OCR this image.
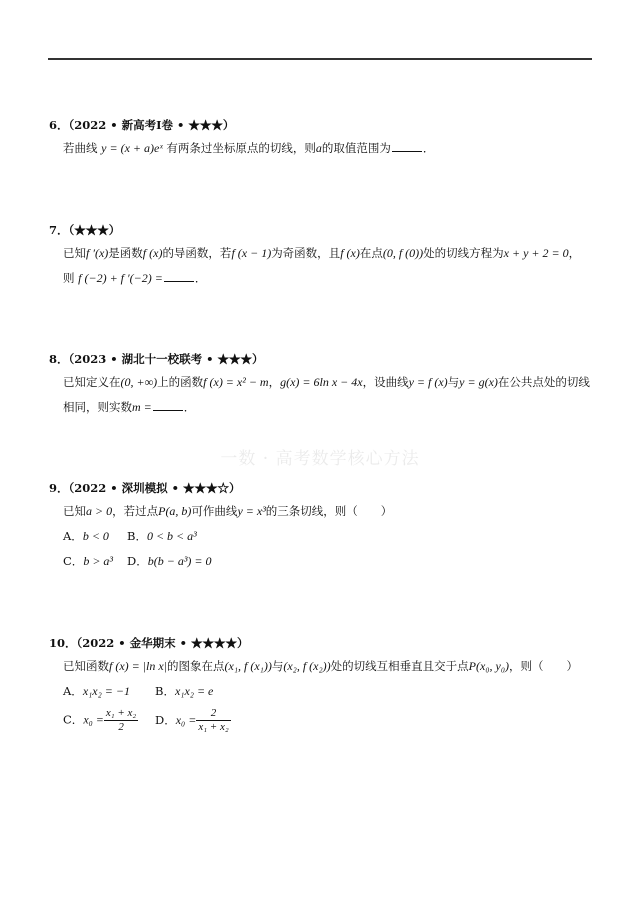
一数 · 高考数学核心方法
6．（2022 • 新高考Ⅰ卷 • ★★★）
若曲线 y = (x + a)eˣ 有两条过坐标原点的切线，则a的取值范围为	．
7．（★★★）
已知f ′(x)是函数f (x)的导函数，若f (x − 1)为奇函数，且f (x)在点(0, f (0))处的切线方程为x + y + 2 = 0，
则 f (−2) + f ′(−2) =	．
8．（2023 • 湖北十一校联考 • ★★★）
已知定义在(0, +∞)上的函数f (x) = x² − m，g(x) = 6ln x − 4x，设曲线y = f (x)与y = g(x)在公共点处的切线
相同，则实数m =	．
9．（2022 • 深圳模拟 • ★★★☆）
已知a > 0，若过点P(a, b)可作曲线y = x³的三条切线，则（　　）
A．b < 0 B．0 < b < a³
C．b > a³ D．b(b − a³) = 0
10．（2022 • 金华期末 • ★★★★）
已知函数f (x) = |ln x|的图象在点(x₁, f (x₁))与(x₂, f (x₂))处的切线互相垂直且交于点P(x₀, y₀)，则（　　）
A．x₁x₂ = −1 B．x₁x₂ = e
C．$x_0 = \frac{\text{x₁ + x₂}}{2}$ D．$x_0 = \frac{2}{\text{x₁ + x₂}}$
